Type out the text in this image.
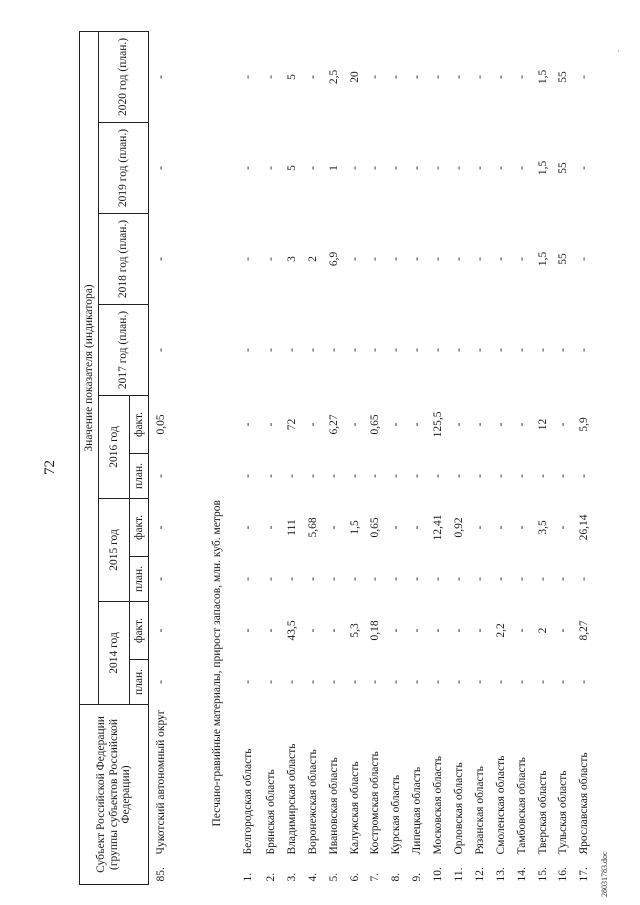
72
2803178З.doc
.
Субъект Российской Федерации (группы субъектов Российской Федерации)		Значение показателя (индикатора)									
		2014 год		2015 год		2016 год		2017 год (план.)	2018 год (план.)	2019 год (план.)	2020 год (план.)
		план.	факт.	план.	факт.	план.	факт.				
85.	Чукотский автономный округ	-	-	-	-	-	0,05	-	-	-	-
Песчано-гравийные материалы, прирост запасов, млн. куб. метров											
1.	Белгородская область	-	-	-	-	-	-	-	-	-	-
2.	Брянская область	-	-	-	-	-	-	-	-	-	-
3.	Владимирская область	-	43,5	-	111	-	72	-	3	5	5
4.	Воронежская область	-	-	-	5,68	-	-	-	2	-	-
5.	Ивановская область	-	-	-	-	-	6,27	-	6,9	1	2,5
6.	Калужская область	-	5,3	-	1,5	-	-	-	-	-	20
7.	Костромская область	-	0,18	-	0,65	-	0,65	-	-	-	-
8.	Курская область	-	-	-	-	-	-	-	-	-	-
9.	Липецкая область	-	-	-	-	-	-	-	-	-	-
10.	Московская область	-	-	-	12,41	-	125,5	-	-	-	-
11.	Орловская область	-	-	-	0,92	-	-	-	-	-	-
12.	Рязанская область	-	-	-	-	-	-	-	-	-	-
13.	Смоленская область	-	2,2	-	-	-	-	-	-	-	-
14.	Тамбовская область	-	-	-	-	-	-	-	-	-	-
15.	Тверская область	-	2	-	3,5	-	12	-	1,5	1,5	1,5
16.	Тульская область	-	-	-	-	-	-	-	55	55	55
17.	Ярославская область	-	8,27	-	26,14	-	5,9	-	-	-	-
